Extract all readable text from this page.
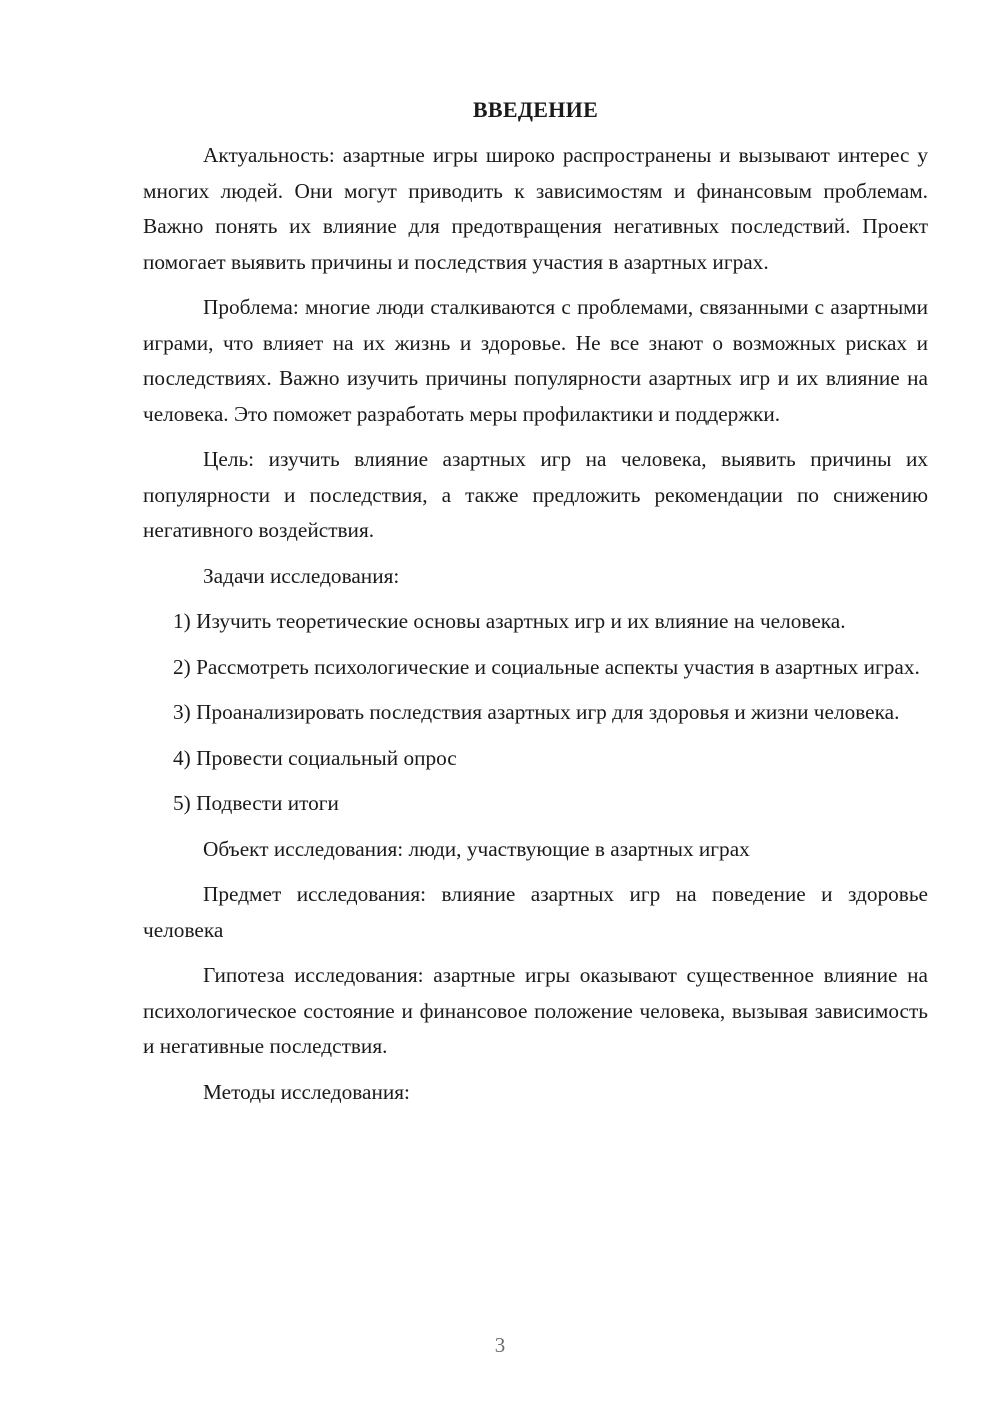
ВВЕДЕНИЕ

Актуальность: азартные игры широко распространены и вызывают интерес у многих людей. Они могут приводить к зависимостям и финансовым проблемам. Важно понять их влияние для предотвращения негативных последствий. Проект помогает выявить причины и последствия участия в азартных играх.

Проблема: многие люди сталкиваются с проблемами, связанными с азартными играми, что влияет на их жизнь и здоровье. Не все знают о возможных рисках и последствиях. Важно изучить причины популярности азартных игр и их влияние на человека. Это поможет разработать меры профилактики и поддержки.

Цель: изучить влияние азартных игр на человека, выявить причины их популярности и последствия, а также предложить рекомендации по снижению негативного воздействия.

Задачи исследования:

1) Изучить теоретические основы азартных игр и их влияние на человека.

2) Рассмотреть психологические и социальные аспекты участия в азартных играх.

3) Проанализировать последствия азартных игр для здоровья и жизни человека.

4) Провести социальный опрос

5) Подвести итоги

Объект исследования: люди, участвующие в азартных играх

Предмет исследования: влияние азартных игр на поведение и здоровье человека

Гипотеза исследования: азартные игры оказывают существенное влияние на психологическое состояние и финансовое положение человека, вызывая зависимость и негативные последствия.

Методы исследования:

3
